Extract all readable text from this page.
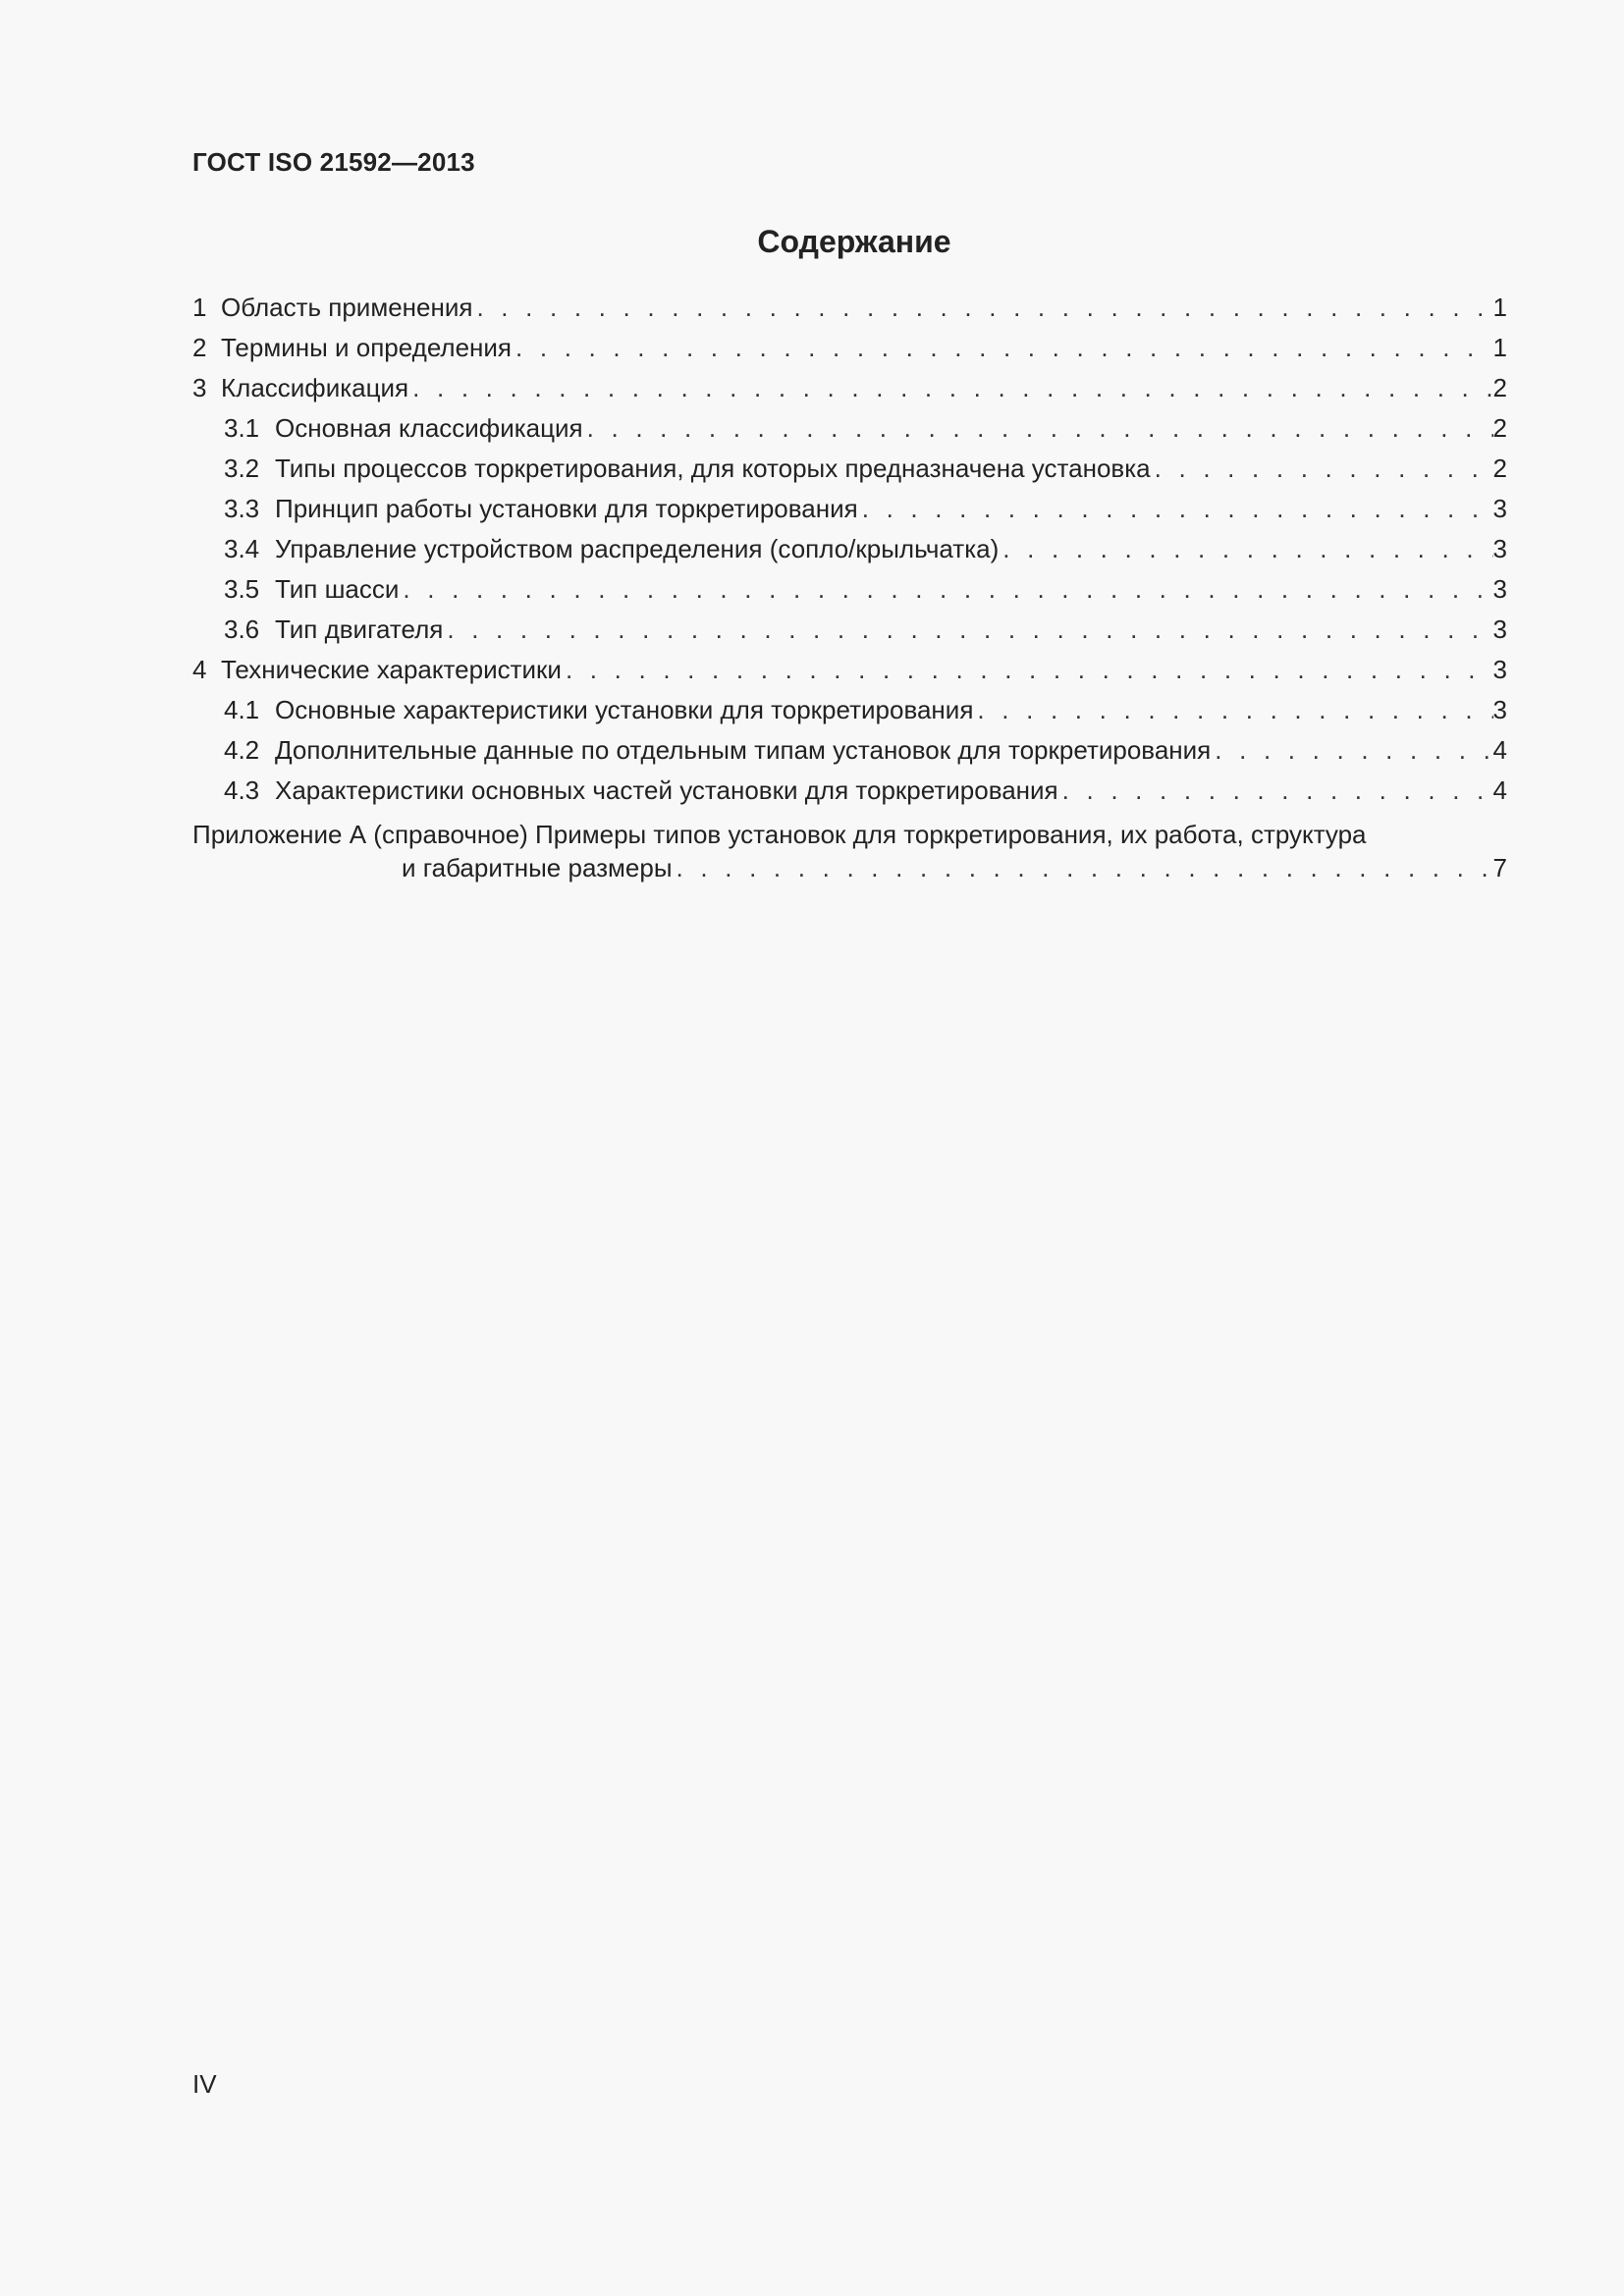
ГОСТ ISO 21592—2013
Содержание
1 Область применения . . .	1
2 Термины и определения . . .	1
3 Классификация . . .	2
3.1 Основная классификация . . .	2
3.2 Типы процессов торкретирования, для которых предназначена установка . . .	2
3.3 Принцип работы установки для торкретирования . . .	3
3.4 Управление устройством распределения (сопло/крыльчатка) . . .	3
3.5 Тип шасси . . .	3
3.6 Тип двигателя . . .	3
4 Технические характеристики . . .	3
4.1 Основные характеристики установки для торкретирования . . .	3
4.2 Дополнительные данные по отдельным типам установок для торкретирования . . .	4
4.3 Характеристики основных частей установки для торкретирования . . .	4
Приложение А (справочное) Примеры типов установок для торкретирования, их работа, структура
и габаритные размеры . . .	7
IV
